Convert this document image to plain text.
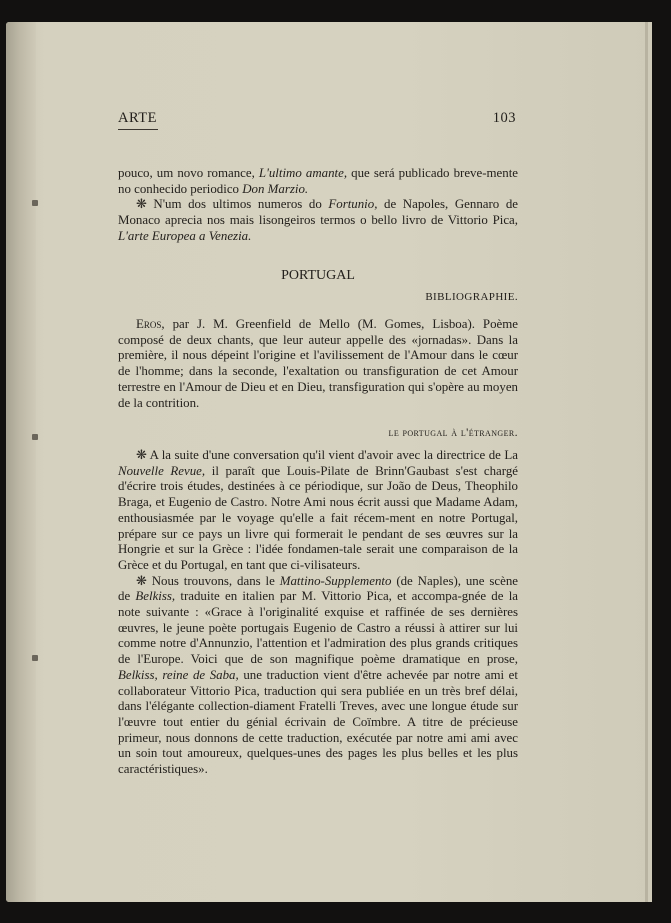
ARTE	103

pouco, um novo romance, L'ultimo amante, que será publicado breve-mente no conhecido periodico Don Marzio.

❋ N'um dos ultimos numeros do Fortunio, de Napoles, Gennaro de Monaco aprecia nos mais lisongeiros termos o bello livro de Vittorio Pica, L'arte Europea a Venezia.

PORTUGAL
BIBLIOGRAPHIE.

Eros, par J. M. Greenfield de Mello (M. Gomes, Lisboa). Poème composé de deux chants, que leur auteur appelle des «jornadas». Dans la première, il nous dépeint l'origine et l'avilissement de l'Amour dans le cœur de l'homme; dans la seconde, l'exaltation ou transfiguration de cet Amour terrestre en l'Amour de Dieu et en Dieu, transfiguration qui s'opère au moyen de la contrition.

le portugal à l'étranger.

❋ A la suite d'une conversation qu'il vient d'avoir avec la directrice de La Nouvelle Revue, il paraît que Louis-Pilate de Brinn'Gaubast s'est chargé d'écrire trois études, destinées à ce périodique, sur João de Deus, Theophilo Braga, et Eugenio de Castro. Notre Ami nous écrit aussi que Madame Adam, enthousiasmée par le voyage qu'elle a fait récem-ment en notre Portugal, prépare sur ce pays un livre qui formerait le pendant de ses œuvres sur la Hongrie et sur la Grèce : l'idée fondamen-tale serait une comparaison de la Grèce et du Portugal, en tant que ci-vilisateurs.

❋ Nous trouvons, dans le Mattino-Supplemento (de Naples), une scène de Belkiss, traduite en italien par M. Vittorio Pica, et accompa-gnée de la note suivante : «Grace à l'originalité exquise et raffinée de ses dernières œuvres, le jeune poète portugais Eugenio de Castro a réussi à attirer sur lui comme notre d'Annunzio, l'attention et l'admiration des plus grands critiques de l'Europe. Voici que de son magnifique poème dramatique en prose, Belkiss, reine de Saba, une traduction vient d'être achevée par notre ami et collaborateur Vittorio Pica, traduction qui sera publiée en un très bref délai, dans l'élégante collection-diament Fratelli Treves, avec une longue étude sur l'œuvre tout entier du génial écrivain de Coïmbre. A titre de précieuse primeur, nous donnons de cette traduction, exécutée par notre ami ami avec un soin tout amoureux, quelques-unes des pages les plus belles et les plus caractéristiques».
